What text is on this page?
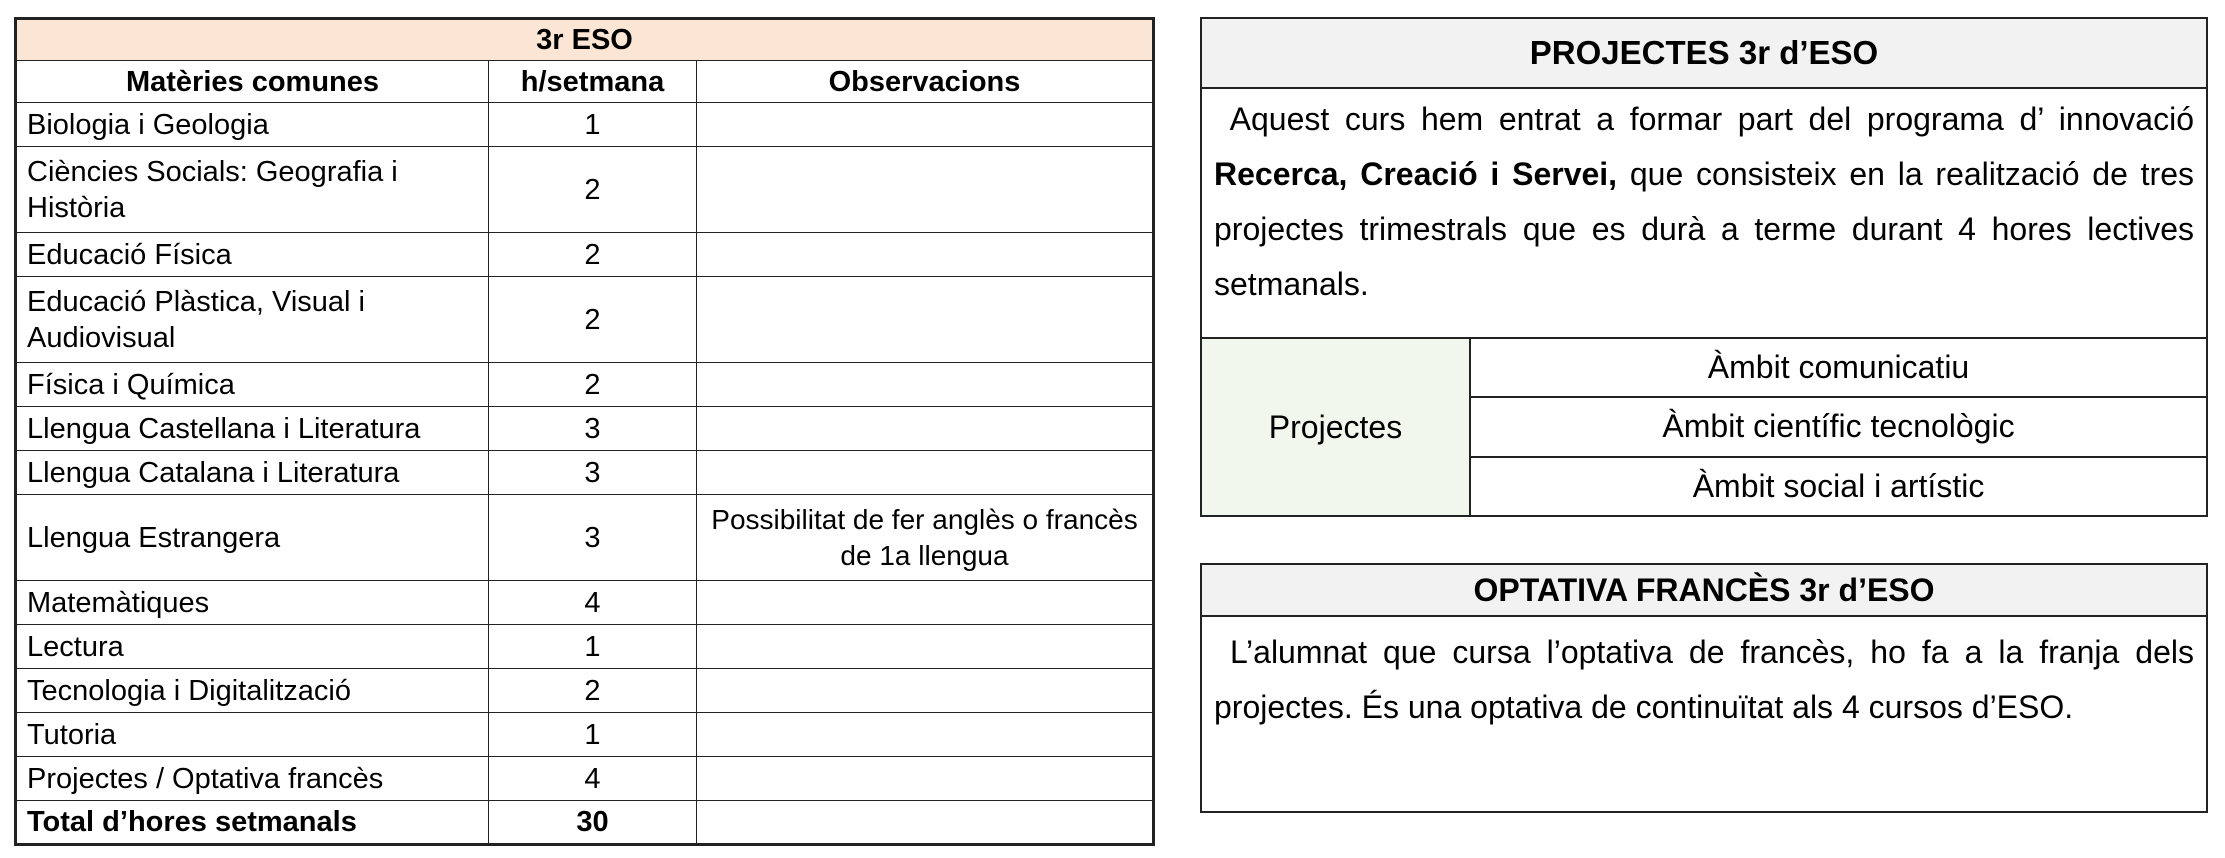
3r ESO		
Matèries comunes	h/setmana	Observacions
Biologia i Geologia	1	
Ciències Socials: Geografia i Història	2	
Educació Física	2	
Educació Plàstica, Visual i Audiovisual	2	
Física i Química	2	
Llengua Castellana i Literatura	3	
Llengua Catalana i Literatura	3	
Llengua Estrangera	3	Possibilitat de fer anglès o francès de 1a llengua
Matemàtiques	4	
Lectura	1	
Tecnologia i Digitalització	2	
Tutoria	1	
Projectes / Optativa francès	4	
Total d’hores setmanals	30	
PROJECTES 3r d’ESO
Aquest curs hem entrat a formar part del programa d’ innovació Recerca, Creació i Servei, que consisteix en la realització de tres projectes trimestrals que es durà a terme durant 4 hores lectives setmanals.
Projectes
Àmbit comunicatiu
Àmbit científic tecnològic
Àmbit social i artístic
OPTATIVA FRANCÈS 3r d’ESO
L’alumnat que cursa l’optativa de francès, ho fa a la franja dels projectes. És una optativa de continuïtat als 4 cursos d’ESO.
